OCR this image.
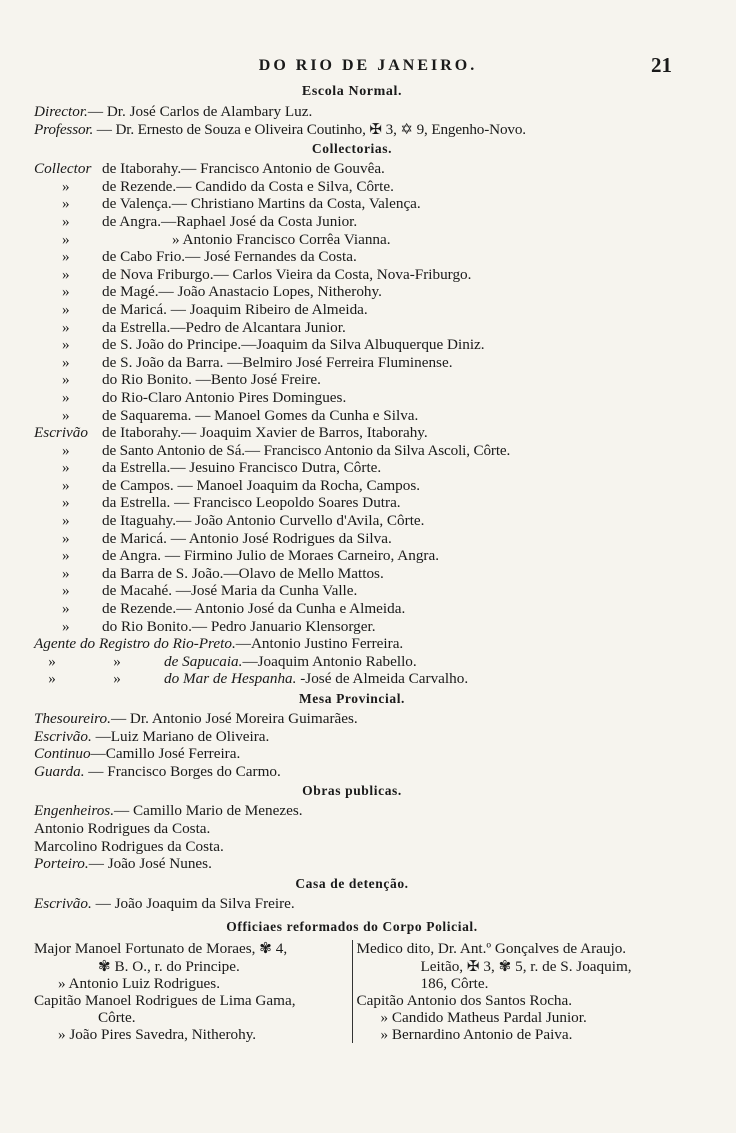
DO RIO DE JANEIRO.	21
Escola Normal.
Director.— Dr. José Carlos de Alambary Luz.
Professor. — Dr. Ernesto de Souza e Oliveira Coutinho, ✠ 3, ✡ 9, Engenho-Novo.
Collectorias.
Collector de Itaborahy.— Francisco Antonio de Gouvêa.
» de Rezende.— Candido da Costa e Silva, Côrte.
» de Valença.— Christiano Martins da Costa, Valença.
» de Angra.—Raphael José da Costa Junior.
»	» Antonio Francisco Corrêa Vianna.
» de Cabo Frio.— José Fernandes da Costa.
» de Nova Friburgo.— Carlos Vieira da Costa, Nova-Friburgo.
» de Magé.— João Anastacio Lopes, Nitherohy.
» de Maricá. — Joaquim Ribeiro de Almeida.
» da Estrella.—Pedro de Alcantara Junior.
» de S. João do Principe.—Joaquim da Silva Albuquerque Diniz.
» de S. João da Barra. —Belmiro José Ferreira Fluminense.
» do Rio Bonito. —Bento José Freire.
» do Rio-Claro Antonio Pires Domingues.
» de Saquarema. — Manoel Gomes da Cunha e Silva.
Escrivão de Itaborahy.— Joaquim Xavier de Barros, Itaborahy.
» de Santo Antonio de Sá.— Francisco Antonio da Silva Ascoli, Côrte.
» da Estrella.— Jesuino Francisco Dutra, Côrte.
» de Campos. — Manoel Joaquim da Rocha, Campos.
» da Estrella. — Francisco Leopoldo Soares Dutra.
» de Itaguahy.— João Antonio Curvello d'Avila, Côrte.
» de Maricá. — Antonio José Rodrigues da Silva.
» de Angra. — Firmino Julio de Moraes Carneiro, Angra.
» da Barra de S. João.—Olavo de Mello Mattos.
» de Macahé. —José Maria da Cunha Valle.
» de Rezende.— Antonio José da Cunha e Almeida.
» do Rio Bonito.— Pedro Januario Klensorger.
Agente do Registro do Rio-Preto.—Antonio Justino Ferreira.
»	»	de Sapucaia.—Joaquim Antonio Rabello.
»	»	do Mar de Hespanha. -José de Almeida Carvalho.
Mesa Provincial.
Thesoureiro.— Dr. Antonio José Moreira Guimarães.
Escrivão. —Luiz Mariano de Oliveira.
Continuo—Camillo José Ferreira.
Guarda. — Francisco Borges do Carmo.
Obras publicas.
Engenheiros.— Camillo Mario de Menezes.
Antonio Rodrigues da Costa.
Marcolino Rodrigues da Costa.
Porteiro.— João José Nunes.
Casa de detenção.
Escrivão. — João Joaquim da Silva Freire.
Officiaes reformados do Corpo Policial.
Major Manoel Fortunato de Moraes, ✾ 4,
✾ B. O., r. do Principe.
» Antonio Luiz Rodrigues.
Capitão Manoel Rodrigues de Lima Gama,
Côrte.
» João Pires Savedra, Nitherohy.
Medico dito, Dr. Ant.º Gonçalves de Araujo.
Leitão, ✠ 3, ✾ 5, r. de S. Joaquim,
186, Côrte.
Capitão Antonio dos Santos Rocha.
» Candido Matheus Pardal Junior.
» Bernardino Antonio de Paiva.
